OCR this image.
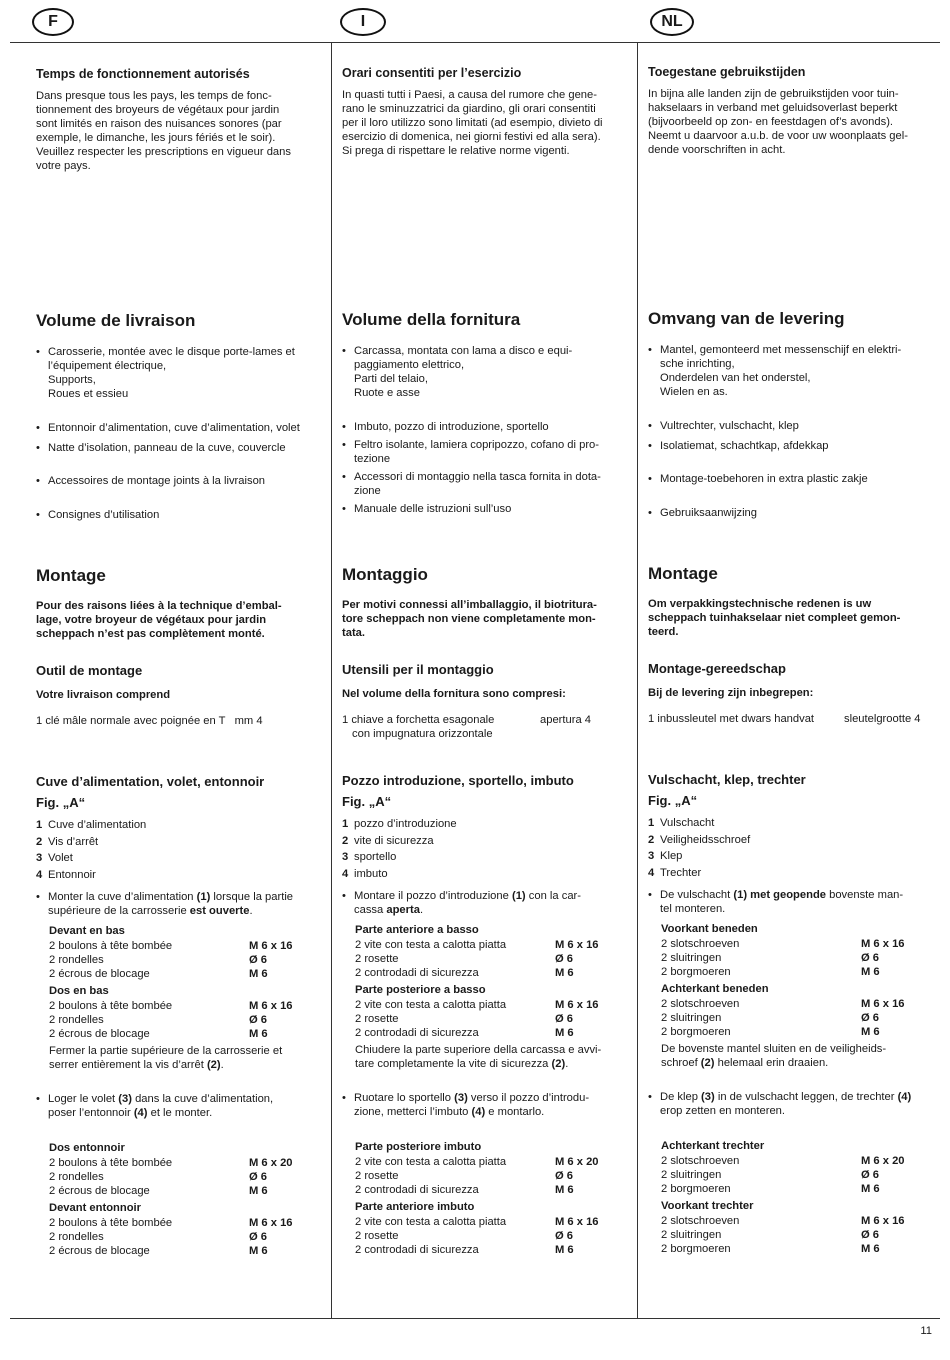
F	I	NL

Temps de fonctionnement autorisés

Dans presque tous les pays, les temps de fonc-

tionnement des broyeurs de végétaux pour jardin

sont limités en raison des nuisances sonores (par

exemple, le dimanche, les jours fériés et le soir).

Veuillez respecter les prescriptions en vigueur dans

votre pays.

Volume de livraison

• Carosserie, montée avec le disque porte-lames et
l’équipement électrique,
Supports,
Roues et essieu
• Entonnoir d’alimentation, cuve d’alimentation, volet
• Natte d’isolation, panneau de la cuve, couvercle
• Accessoires de montage joints à la livraison
• Consignes d’utilisation

Montage

Pour des raisons liées à la technique d’embal-

lage, votre broyeur de végétaux pour jardin

scheppach n’est pas complètement monté.

Outil de montage

Votre livraison comprend

1 clé mâle normale avec poignée en T   mm 4

Cuve d’alimentation, volet, entonnoir

Fig. „A“

1 Cuve d’alimentation
2 Vis d’arrêt
3 Volet
4 Entonnoir
• Monter la cuve d’alimentation (1) lorsque la partie
supérieure de la carrosserie est ouverte.
Devant en bas
2 boulons à tête bombée	M 6 x 16
2 rondelles	Ø 6
2 écrous de blocage	M 6
Dos en bas
2 boulons à tête bombée	M 6 x 16
2 rondelles	Ø 6
2 écrous de blocage	M 6
Fermer la partie supérieure de la carrosserie et
serrer entièrement la vis d’arrêt (2).
• Loger le volet (3) dans la cuve d’alimentation,
poser l’entonnoir (4) et le monter.
Dos entonnoir
2 boulons à tête bombée	M 6 x 20
2 rondelles	Ø 6
2 écrous de blocage	M 6
Devant entonnoir
2 boulons à tête bombée	M 6 x 16
2 rondelles	Ø 6
2 écrous de blocage	M 6

Orari consentiti per l’esercizio

In quasti tutti i Paesi, a causa del rumore che gene-

rano le sminuzzatrici da giardino, gli orari consentiti

per il loro utilizzo sono limitati (ad esempio, divieto di

esercizio di domenica, nei giorni festivi ed alla sera).

Si prega di rispettare le relative norme vigenti.

Volume della fornitura

• Carcassa, montata con lama a disco e equi-
paggiamento elettrico,
Parti del telaio,
Ruote e asse
• Imbuto, pozzo di introduzione, sportello
• Feltro isolante, lamiera copripozzo, cofano di pro-
tezione
• Accessori di montaggio nella tasca fornita in dota-
zione
• Manuale delle istruzioni sull’uso

Montaggio

Per motivi connessi all’imballaggio, il biotritura-

tore scheppach non viene completamente mon-

tata.

Utensili per il montaggio

Nel volume della fornitura sono compresi:

1 chiave a forchetta esagonale	apertura 4
con impugnatura orizzontale

Pozzo introduzione, sportello, imbuto

Fig. „A“

1 pozzo d’introduzione
2 vite di sicurezza
3 sportello
4 imbuto
• Montare il pozzo d’introduzione (1) con la car-
cassa aperta.
Parte anteriore a basso
2 vite con testa a calotta piatta	M 6 x 16
2 rosette	Ø 6
2 controdadi di sicurezza	M 6
Parte posteriore a basso
2 vite con testa a calotta piatta	M 6 x 16
2 rosette	Ø 6
2 controdadi di sicurezza	M 6
Chiudere la parte superiore della carcassa e avvi-
tare completamente la vite di sicurezza (2).
• Ruotare lo sportello (3) verso il pozzo d’introdu-
zione, metterci l’imbuto (4) e montarlo.
Parte posteriore imbuto
2 vite con testa a calotta piatta	M 6 x 20
2 rosette	Ø 6
2 controdadi di sicurezza	M 6
Parte anteriore imbuto
2 vite con testa a calotta piatta	M 6 x 16
2 rosette	Ø 6
2 controdadi di sicurezza	M 6

Toegestane gebruikstijden

In bijna alle landen zijn de gebruikstijden voor tuin-

hakselaars in verband met geluidsoverlast beperkt

(bijvoorbeeld op zon- en feestdagen of’s avonds).

Neemt u daarvoor a.u.b. de voor uw woonplaats gel-

dende voorschriften in acht.

Omvang van de levering

• Mantel, gemonteerd met messenschijf en elektri-
sche inrichting,
Onderdelen van het onderstel,
Wielen en as.
• Vultrechter, vulschacht, klep
• Isolatiemat, schachtkap, afdekkap
• Montage-toebehoren in extra plastic zakje
• Gebruiksaanwijzing

Montage

Om verpakkingstechnische redenen is uw

scheppach tuinhakselaar niet compleet gemon-

teerd.

Montage-gereedschap

Bij de levering zijn inbegrepen:

1 inbussleutel met dwars handvat	sleutelgrootte 4

Vulschacht, klep, trechter

Fig. „A“

1 Vulschacht
2 Veiligheidsschroef
3 Klep
4 Trechter
• De vulschacht (1) met geopende bovenste man-
tel monteren.
Voorkant beneden
2 slotschroeven	M 6 x 16
2 sluitringen	Ø 6
2 borgmoeren	M 6
Achterkant beneden
2 slotschroeven	M 6 x 16
2 sluitringen	Ø 6
2 borgmoeren	M 6
De bovenste mantel sluiten en de veiligheids-
schroef (2) helemaal erin draaien.
• De klep (3) in de vulschacht leggen, de trechter (4)
erop zetten en monteren.
Achterkant trechter
2 slotschroeven	M 6 x 20
2 sluitringen	Ø 6
2 borgmoeren	M 6
Voorkant trechter
2 slotschroeven	M 6 x 16
2 sluitringen	Ø 6
2 borgmoeren	M 6
11
